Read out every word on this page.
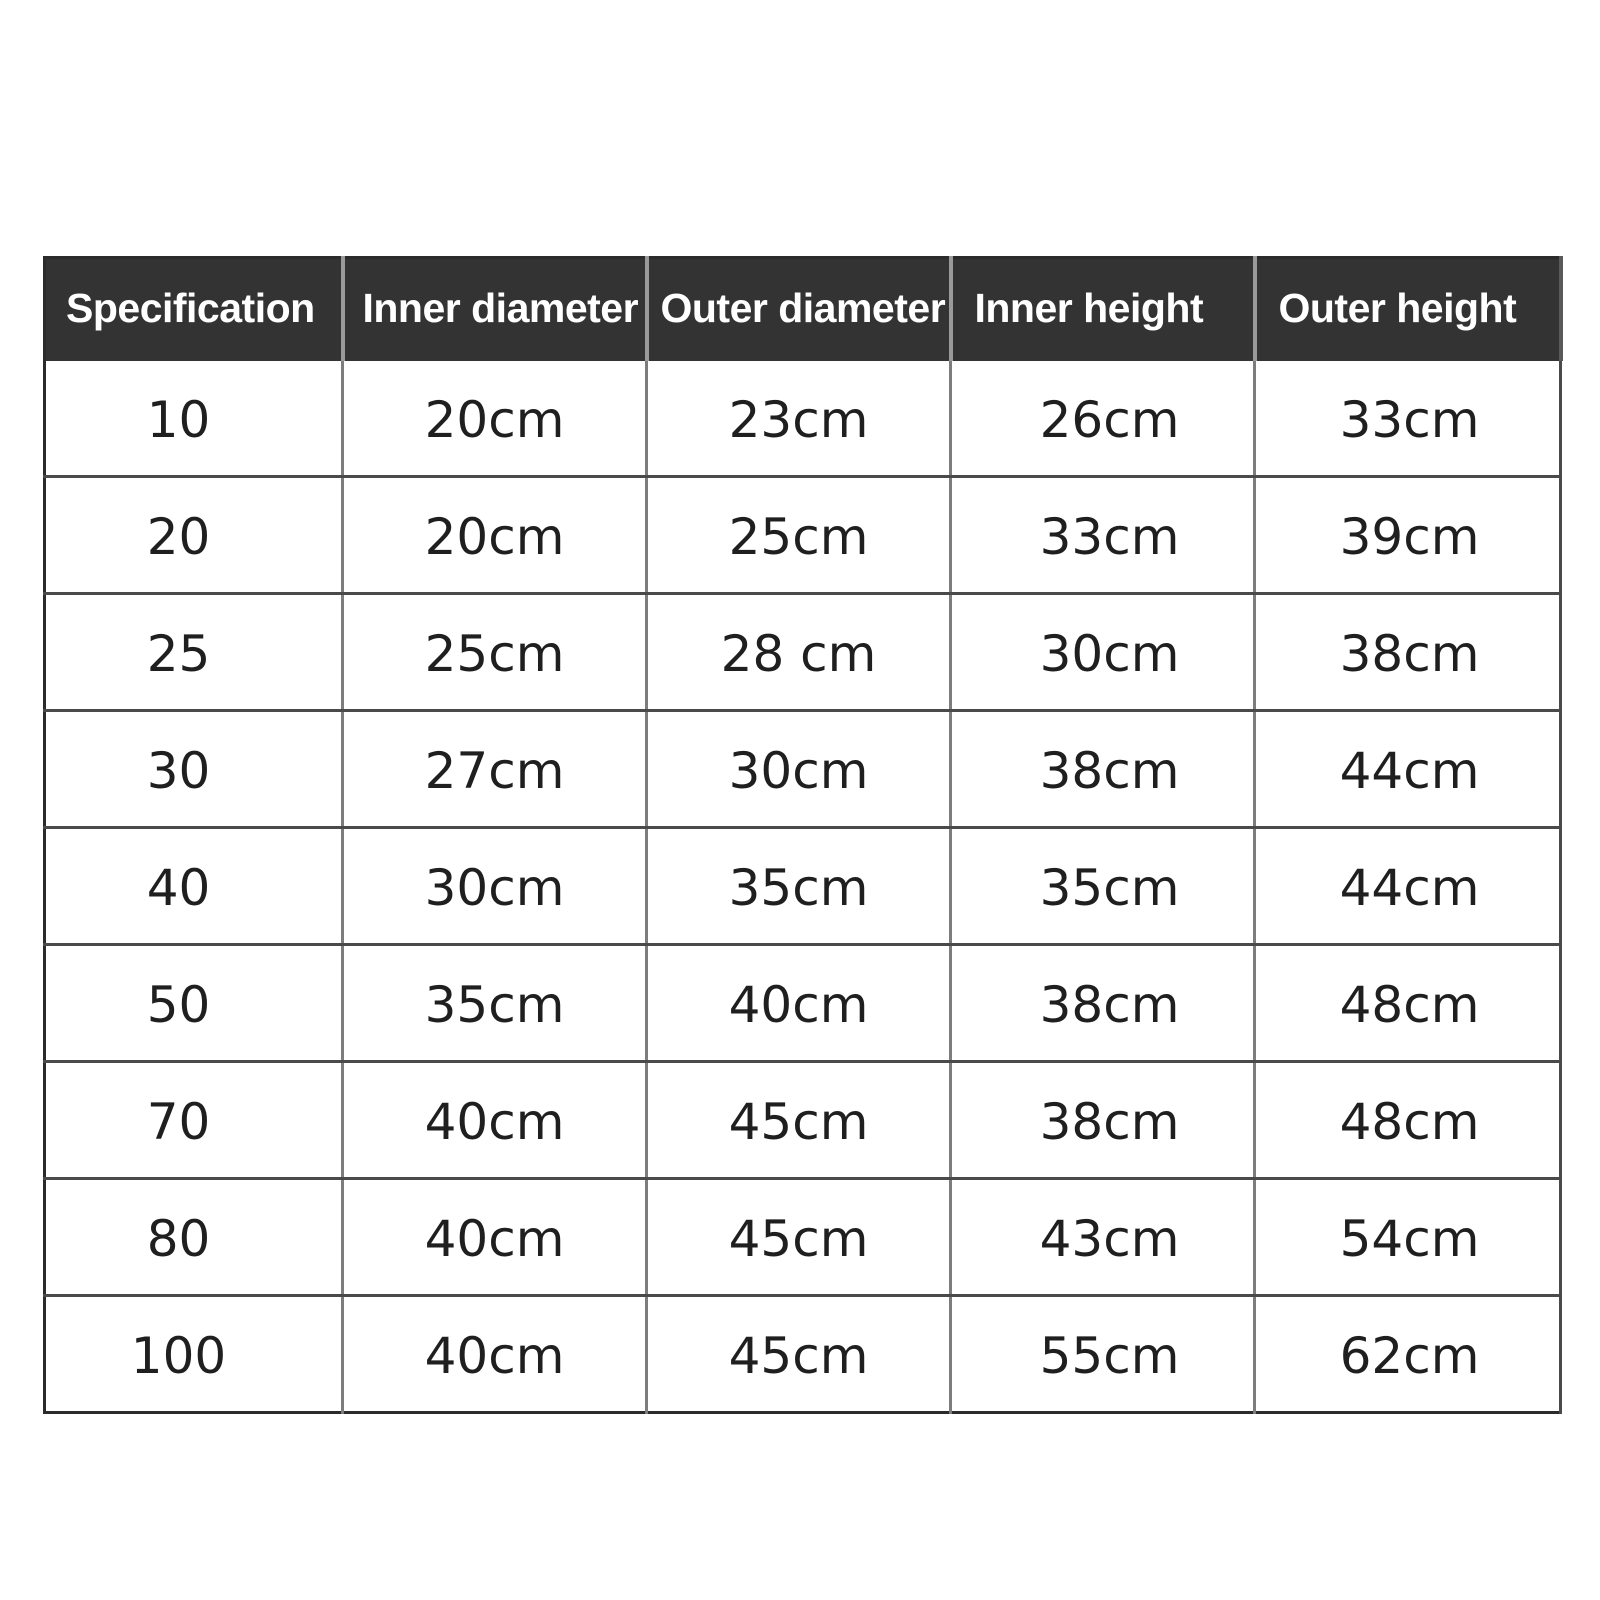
Specification	Inner diameter	Outer diameter	Inner height	Outer height
10	20cm	23cm	26cm	33cm
20	20cm	25cm	33cm	39cm
25	25cm	28 cm	30cm	38cm
30	27cm	30cm	38cm	44cm
40	30cm	35cm	35cm	44cm
50	35cm	40cm	38cm	48cm
70	40cm	45cm	38cm	48cm
80	40cm	45cm	43cm	54cm
100	40cm	45cm	55cm	62cm
